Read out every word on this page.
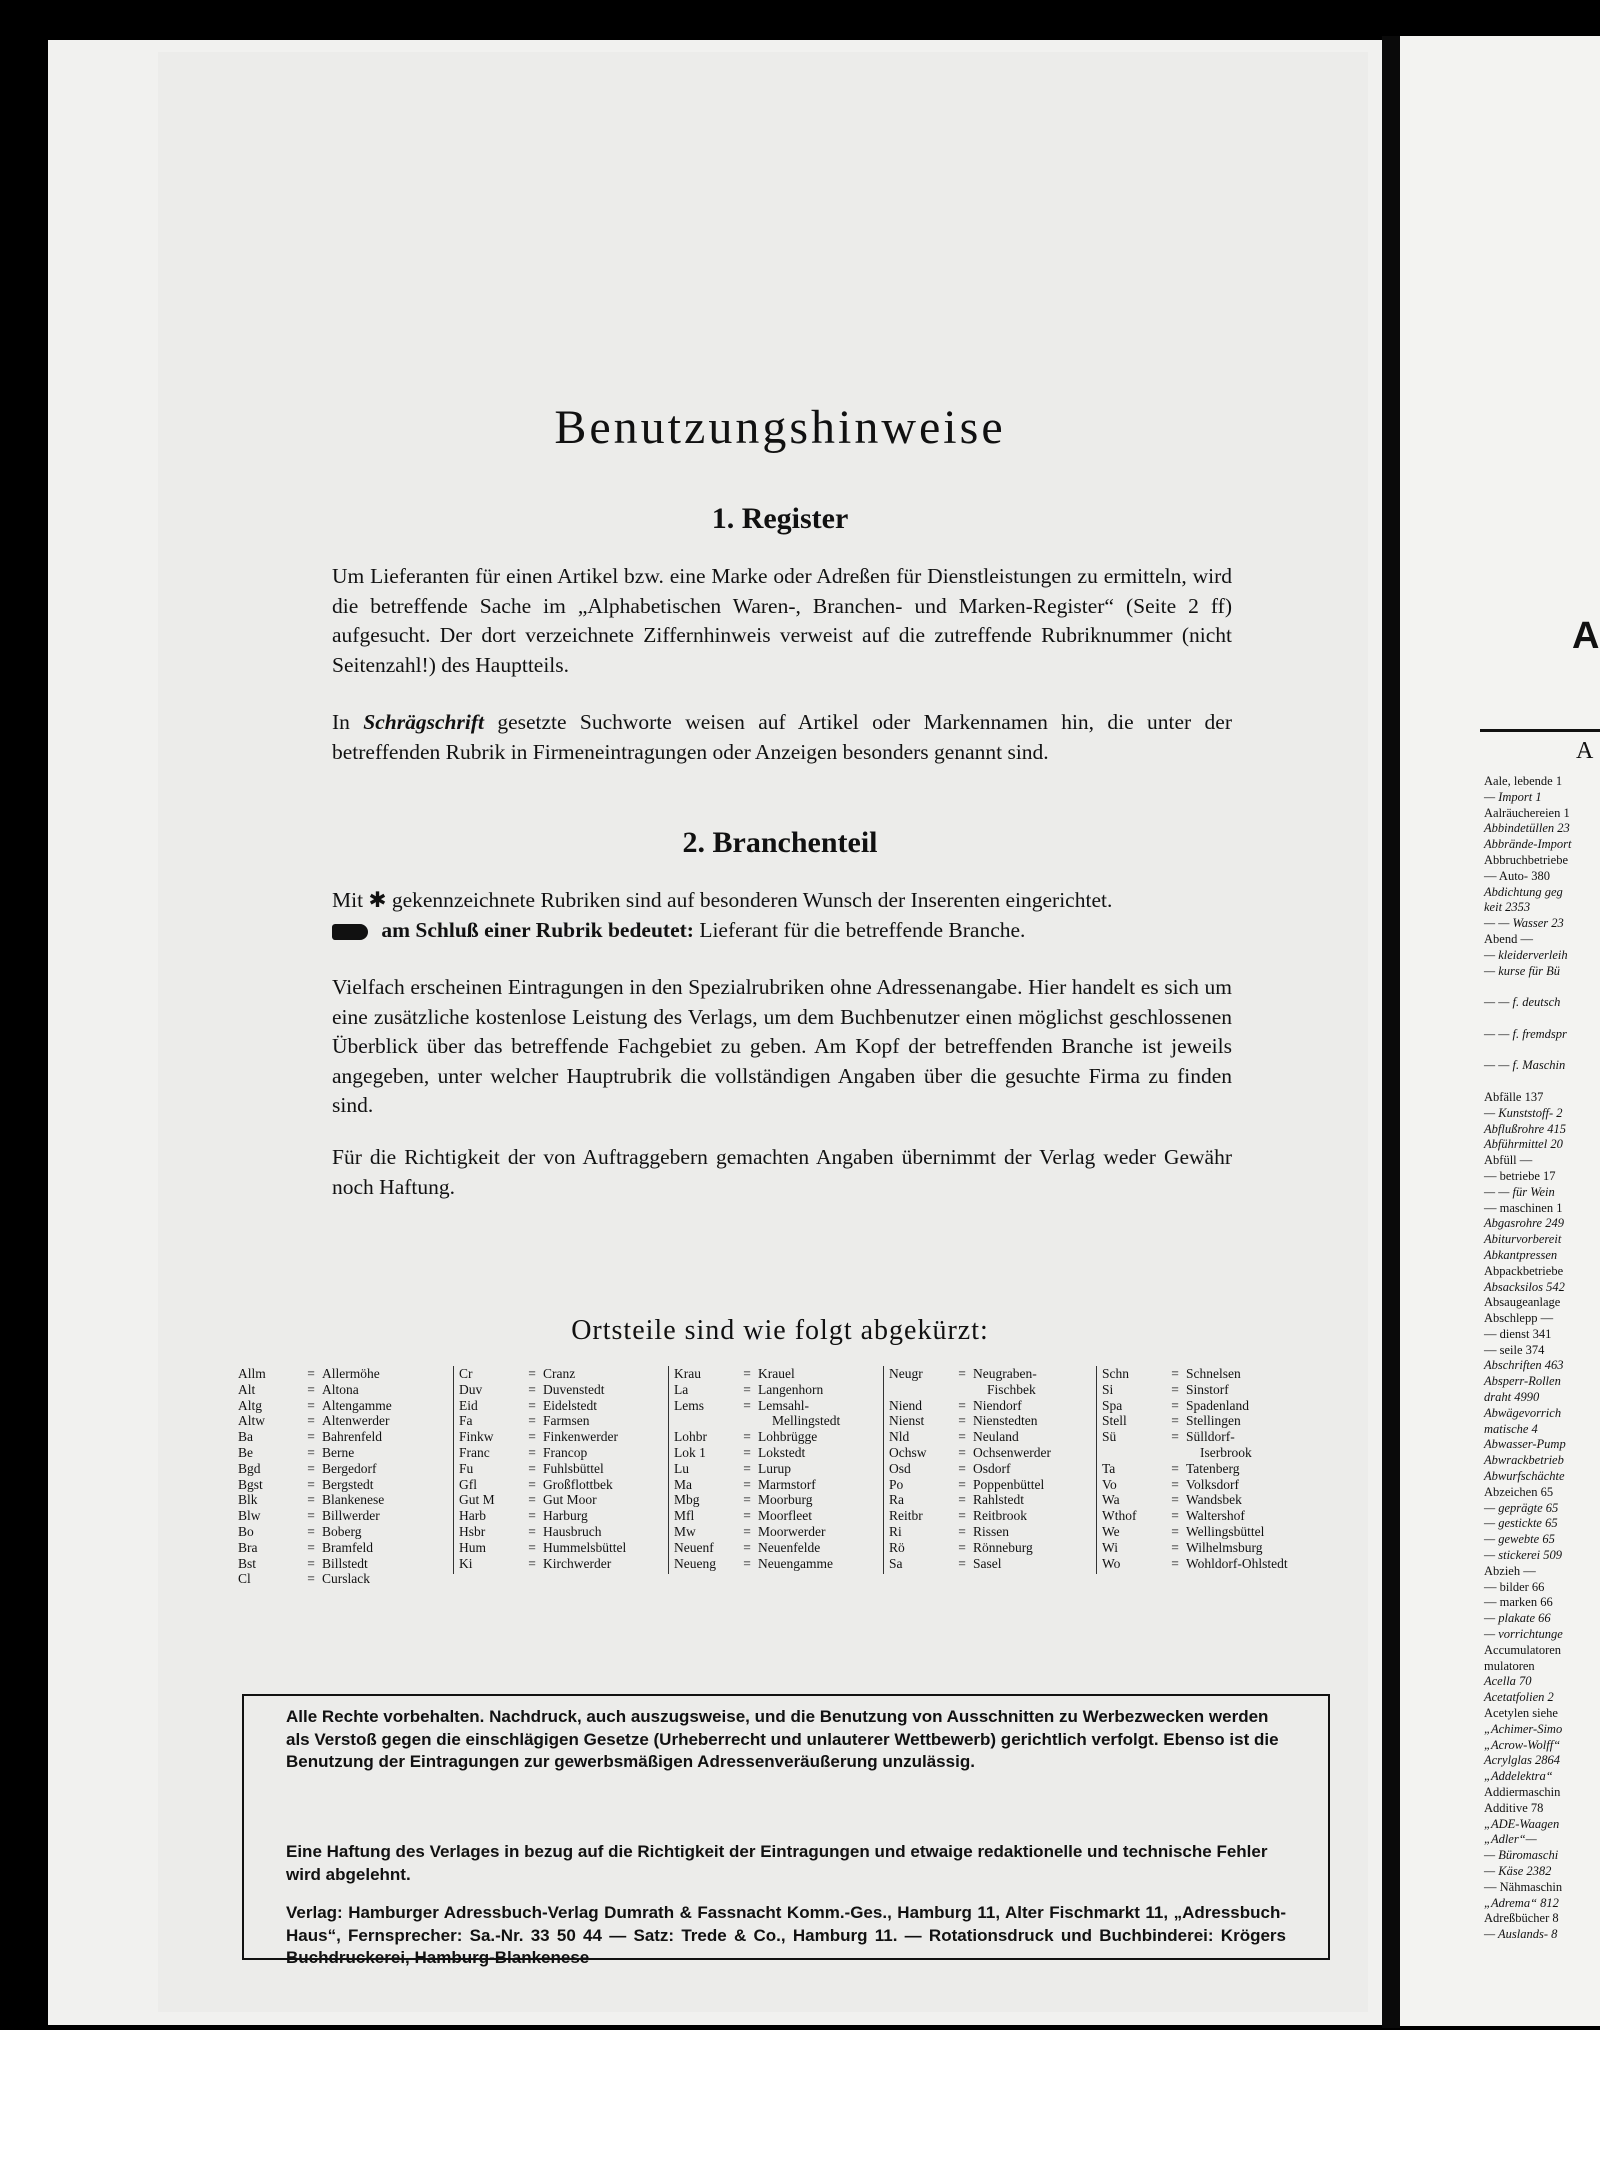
Benutzungshinweise
1. Register

Um Lieferanten für einen Artikel bzw. eine Marke oder Adreßen für Dienstleistungen zu ermitteln, wird die betreffende Sache im „Alphabetischen Waren-, Branchen- und Marken-Register“ (Seite 2 ff) aufgesucht. Der dort verzeichnete Ziffernhinweis verweist auf die zutreffende Rubriknummer (nicht Seitenzahl!) des Hauptteils.

In Schrägschrift gesetzte Suchworte weisen auf Artikel oder Markennamen hin, die unter der betreffenden Rubrik in Firmeneintragungen oder Anzeigen besonders genannt sind.

2. Branchenteil

Mit ✱ gekennzeichnete Rubriken sind auf besonderen Wunsch der Inserenten eingerichtet.

am Schluß einer Rubrik bedeutet: Lieferant für die betreffende Branche.

Vielfach erscheinen Eintragungen in den Spezialrubriken ohne Adressenangabe. Hier handelt es sich um eine zusätzliche kostenlose Leistung des Verlags, um dem Buchbenutzer einen möglichst geschlossenen Überblick über das betreffende Fachgebiet zu geben. Am Kopf der betreffenden Branche ist jeweils angegeben, unter welcher Hauptrubrik die vollständigen Angaben über die gesuchte Firma zu finden sind.

Für die Richtigkeit der von Auftraggebern gemachten Angaben übernimmt der Verlag weder Gewähr noch Haftung.

Ortsteile sind wie folgt abgekürzt:
Allm	= Allermöhe
Alt	= Altona
Altg	= Altengamme
Altw	= Altenwerder
Ba	= Bahrenfeld
Be	= Berne
Bgd	= Bergedorf
Bgst	= Bergstedt
Blk	= Blankenese
Blw	= Billwerder
Bo	= Boberg
Bra	= Bramfeld
Bst	= Billstedt
Cl	= Curslack
Cr	= Cranz
Duv	= Duvenstedt
Eid	= Eidelstedt
Fa	= Farmsen
Finkw	= Finkenwerder
Franc	= Francop
Fu	= Fuhlsbüttel
Gfl	= Großflottbek
Gut M	= Gut Moor
Harb	= Harburg
Hsbr	= Hausbruch
Hum	= Hummelsbüttel
Ki	= Kirchwerder
Krau	= Krauel
La	= Langenhorn
Lems	= Lemsahl-
Mellingstedt
Lohbr	= Lohbrügge
Lok 1	= Lokstedt
Lu	= Lurup
Ma	= Marmstorf
Mbg	= Moorburg
Mfl	= Moorfleet
Mw	= Moorwerder
Neuenf	= Neuenfelde
Neueng	= Neuengamme
Neugr	= Neugraben-
Fischbek
Niend	= Niendorf
Nienst	= Nienstedten
Nld	= Neuland
Ochsw	= Ochsenwerder
Osd	= Osdorf
Po	= Poppenbüttel
Ra	= Rahlstedt
Reitbr	= Reitbrook
Ri	= Rissen
Rö	= Rönneburg
Sa	= Sasel
Schn	= Schnelsen
Si	= Sinstorf
Spa	= Spadenland
Stell	= Stellingen
Sü	= Sülldorf-
Iserbrook
Ta	= Tatenberg
Vo	= Volksdorf
Wa	= Wandsbek
Wthof	= Waltershof
We	= Wellingsbüttel
Wi	= Wilhelmsburg
Wo	= Wohldorf-Ohlstedt

Alle Rechte vorbehalten. Nachdruck, auch auszugsweise, und die Benutzung von Ausschnitten zu Werbezwecken werden als Verstoß gegen die einschlägigen Gesetze (Urheberrecht und unlauterer Wettbewerb) gerichtlich verfolgt. Ebenso ist die Benutzung der Eintragungen zur gewerbsmäßigen Adressenveräußerung unzulässig.

Eine Haftung des Verlages in bezug auf die Richtigkeit der Eintragungen und etwaige redaktionelle und technische Fehler wird abgelehnt.

Verlag: Hamburger Adressbuch-Verlag Dumrath & Fassnacht Komm.-Ges., Hamburg 11, Alter Fischmarkt 11, „Adressbuch-Haus“, Fernsprecher: Sa.-Nr. 33 50 44 — Satz: Trede & Co., Hamburg 11. — Rotationsdruck und Buchbinderei: Krögers Buchdruckerei, Hamburg-Blankenese

A
A
Aale, lebende 1
— Import 1
Aalräuchereien 1
Abbindetüllen 23
Abbrände-Import
Abbruchbetriebe
— Auto- 380
Abdichtung geg
keit 2353
— — Wasser 23
Abend —
— kleiderverleih
— kurse für Bü
— — f. deutsch
— — f. fremdspr
— — f. Maschin
Abfälle 137
— Kunststoff- 2
Abflußrohre 415
Abführmittel 20
Abfüll —
— betriebe 17
— — für Wein
— maschinen 1
Abgasrohre 249
Abiturvorbereit
Abkantpressen
Abpackbetriebe
Absacksilos 542
Absaugeanlage
Abschlepp —
— dienst 341
— seile 374
Abschriften 463
Absperr-Rollen
draht 4990
Abwägevorrich
matische 4
Abwasser-Pump
Abwrackbetrieb
Abwurfschächte
Abzeichen 65
— geprägte 65
— gestickte 65
— gewebte 65
— stickerei 509
Abzieh —
— bilder 66
— marken 66
— plakate 66
— vorrichtunge
Accumulatoren
mulatoren
Acella 70
Acetatfolien 2
Acetylen siehe
„Achimer-Simo
„Acrow-Wolff“
Acrylglas 2864
„Addelektra“
Addiermaschin
Additive 78
„ADE-Waagen
„Adler“—
— Büromaschi
— Käse 2382
— Nähmaschin
„Adrema“ 812
Adreßbücher 8
— Auslands- 8
